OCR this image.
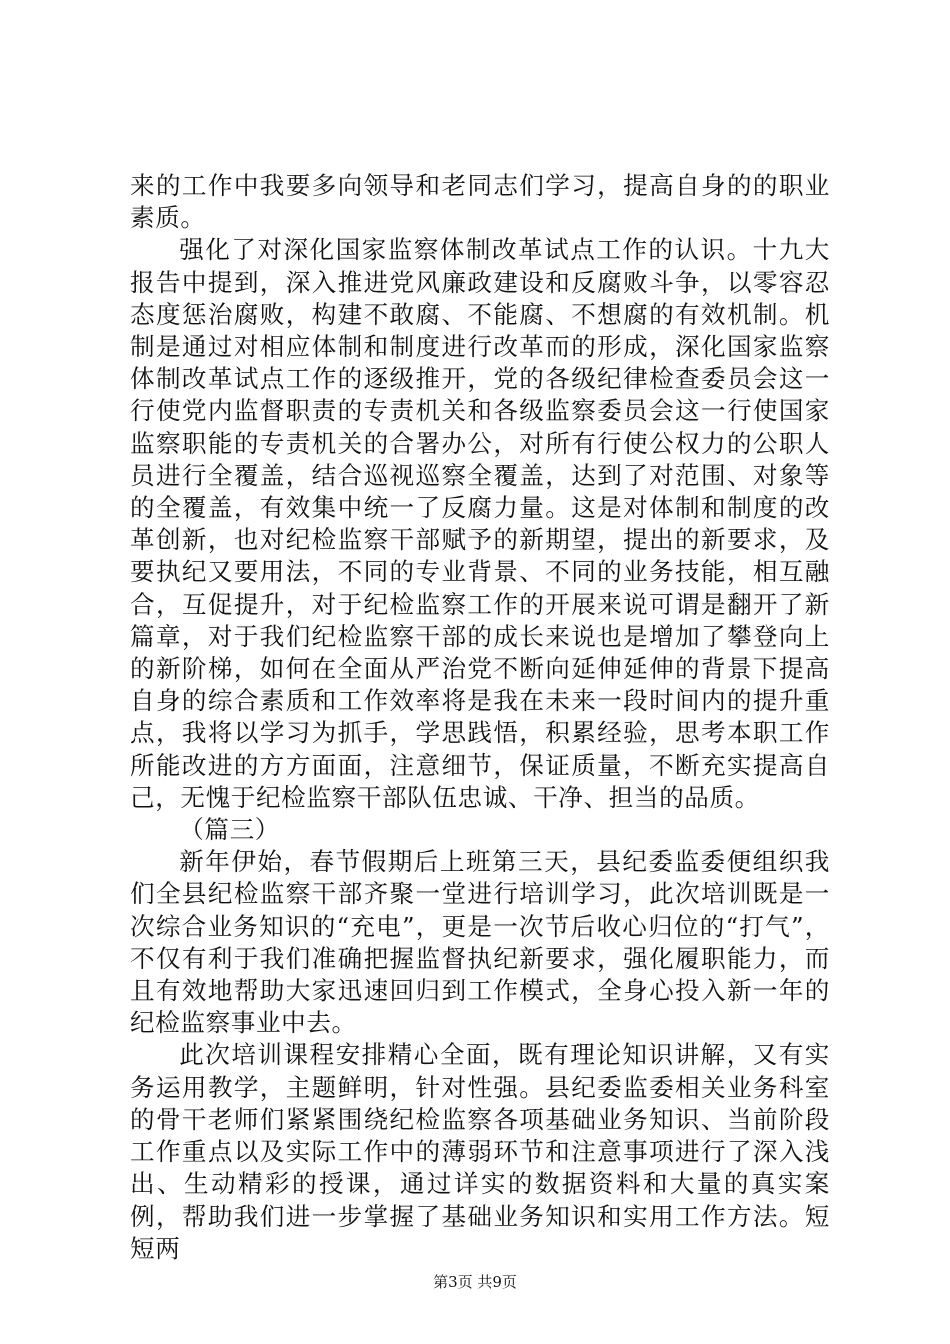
来的工作中我要多向领导和老同志们学习，提高自身的的职业素质。

强化了对深化国家监察体制改革试点工作的认识。十九大报告中提到，深入推进党风廉政建设和反腐败斗争，以零容忍态度惩治腐败，构建不敢腐、不能腐、不想腐的有效机制。机制是通过对相应体制和制度进行改革而的形成，深化国家监察体制改革试点工作的逐级推开，党的各级纪律检查委员会这一行使党内监督职责的专责机关和各级监察委员会这一行使国家监察职能的专责机关的合署办公，对所有行使公权力的公职人员进行全覆盖，结合巡视巡察全覆盖，达到了对范围、对象等的全覆盖，有效集中统一了反腐力量。这是对体制和制度的改革创新，也对纪检监察干部赋予的新期望，提出的新要求，及要执纪又要用法，不同的专业背景、不同的业务技能，相互融合，互促提升，对于纪检监察工作的开展来说可谓是翻开了新篇章，对于我们纪检监察干部的成长来说也是增加了攀登向上的新阶梯，如何在全面从严治党不断向延伸延伸的背景下提高自身的综合素质和工作效率将是我在未来一段时间内的提升重点，我将以学习为抓手，学思践悟，积累经验，思考本职工作所能改进的方方面面，注意细节，保证质量，不断充实提高自己，无愧于纪检监察干部队伍忠诚、干净、担当的品质。

（篇三）

新年伊始，春节假期后上班第三天，县纪委监委便组织我们全县纪检监察干部齐聚一堂进行培训学习，此次培训既是一次综合业务知识的“充电”，更是一次节后收心归位的“打气”，不仅有利于我们准确把握监督执纪新要求，强化履职能力，而且有效地帮助大家迅速回归到工作模式，全身心投入新一年的纪检监察事业中去。

此次培训课程安排精心全面，既有理论知识讲解，又有实务运用教学，主题鲜明，针对性强。县纪委监委相关业务科室的骨干老师们紧紧围绕纪检监察各项基础业务知识、当前阶段工作重点以及实际工作中的薄弱环节和注意事项进行了深入浅出、生动精彩的授课，通过详实的数据资料和大量的真实案例，帮助我们进一步掌握了基础业务知识和实用工作方法。短短两

第3页 共9页
